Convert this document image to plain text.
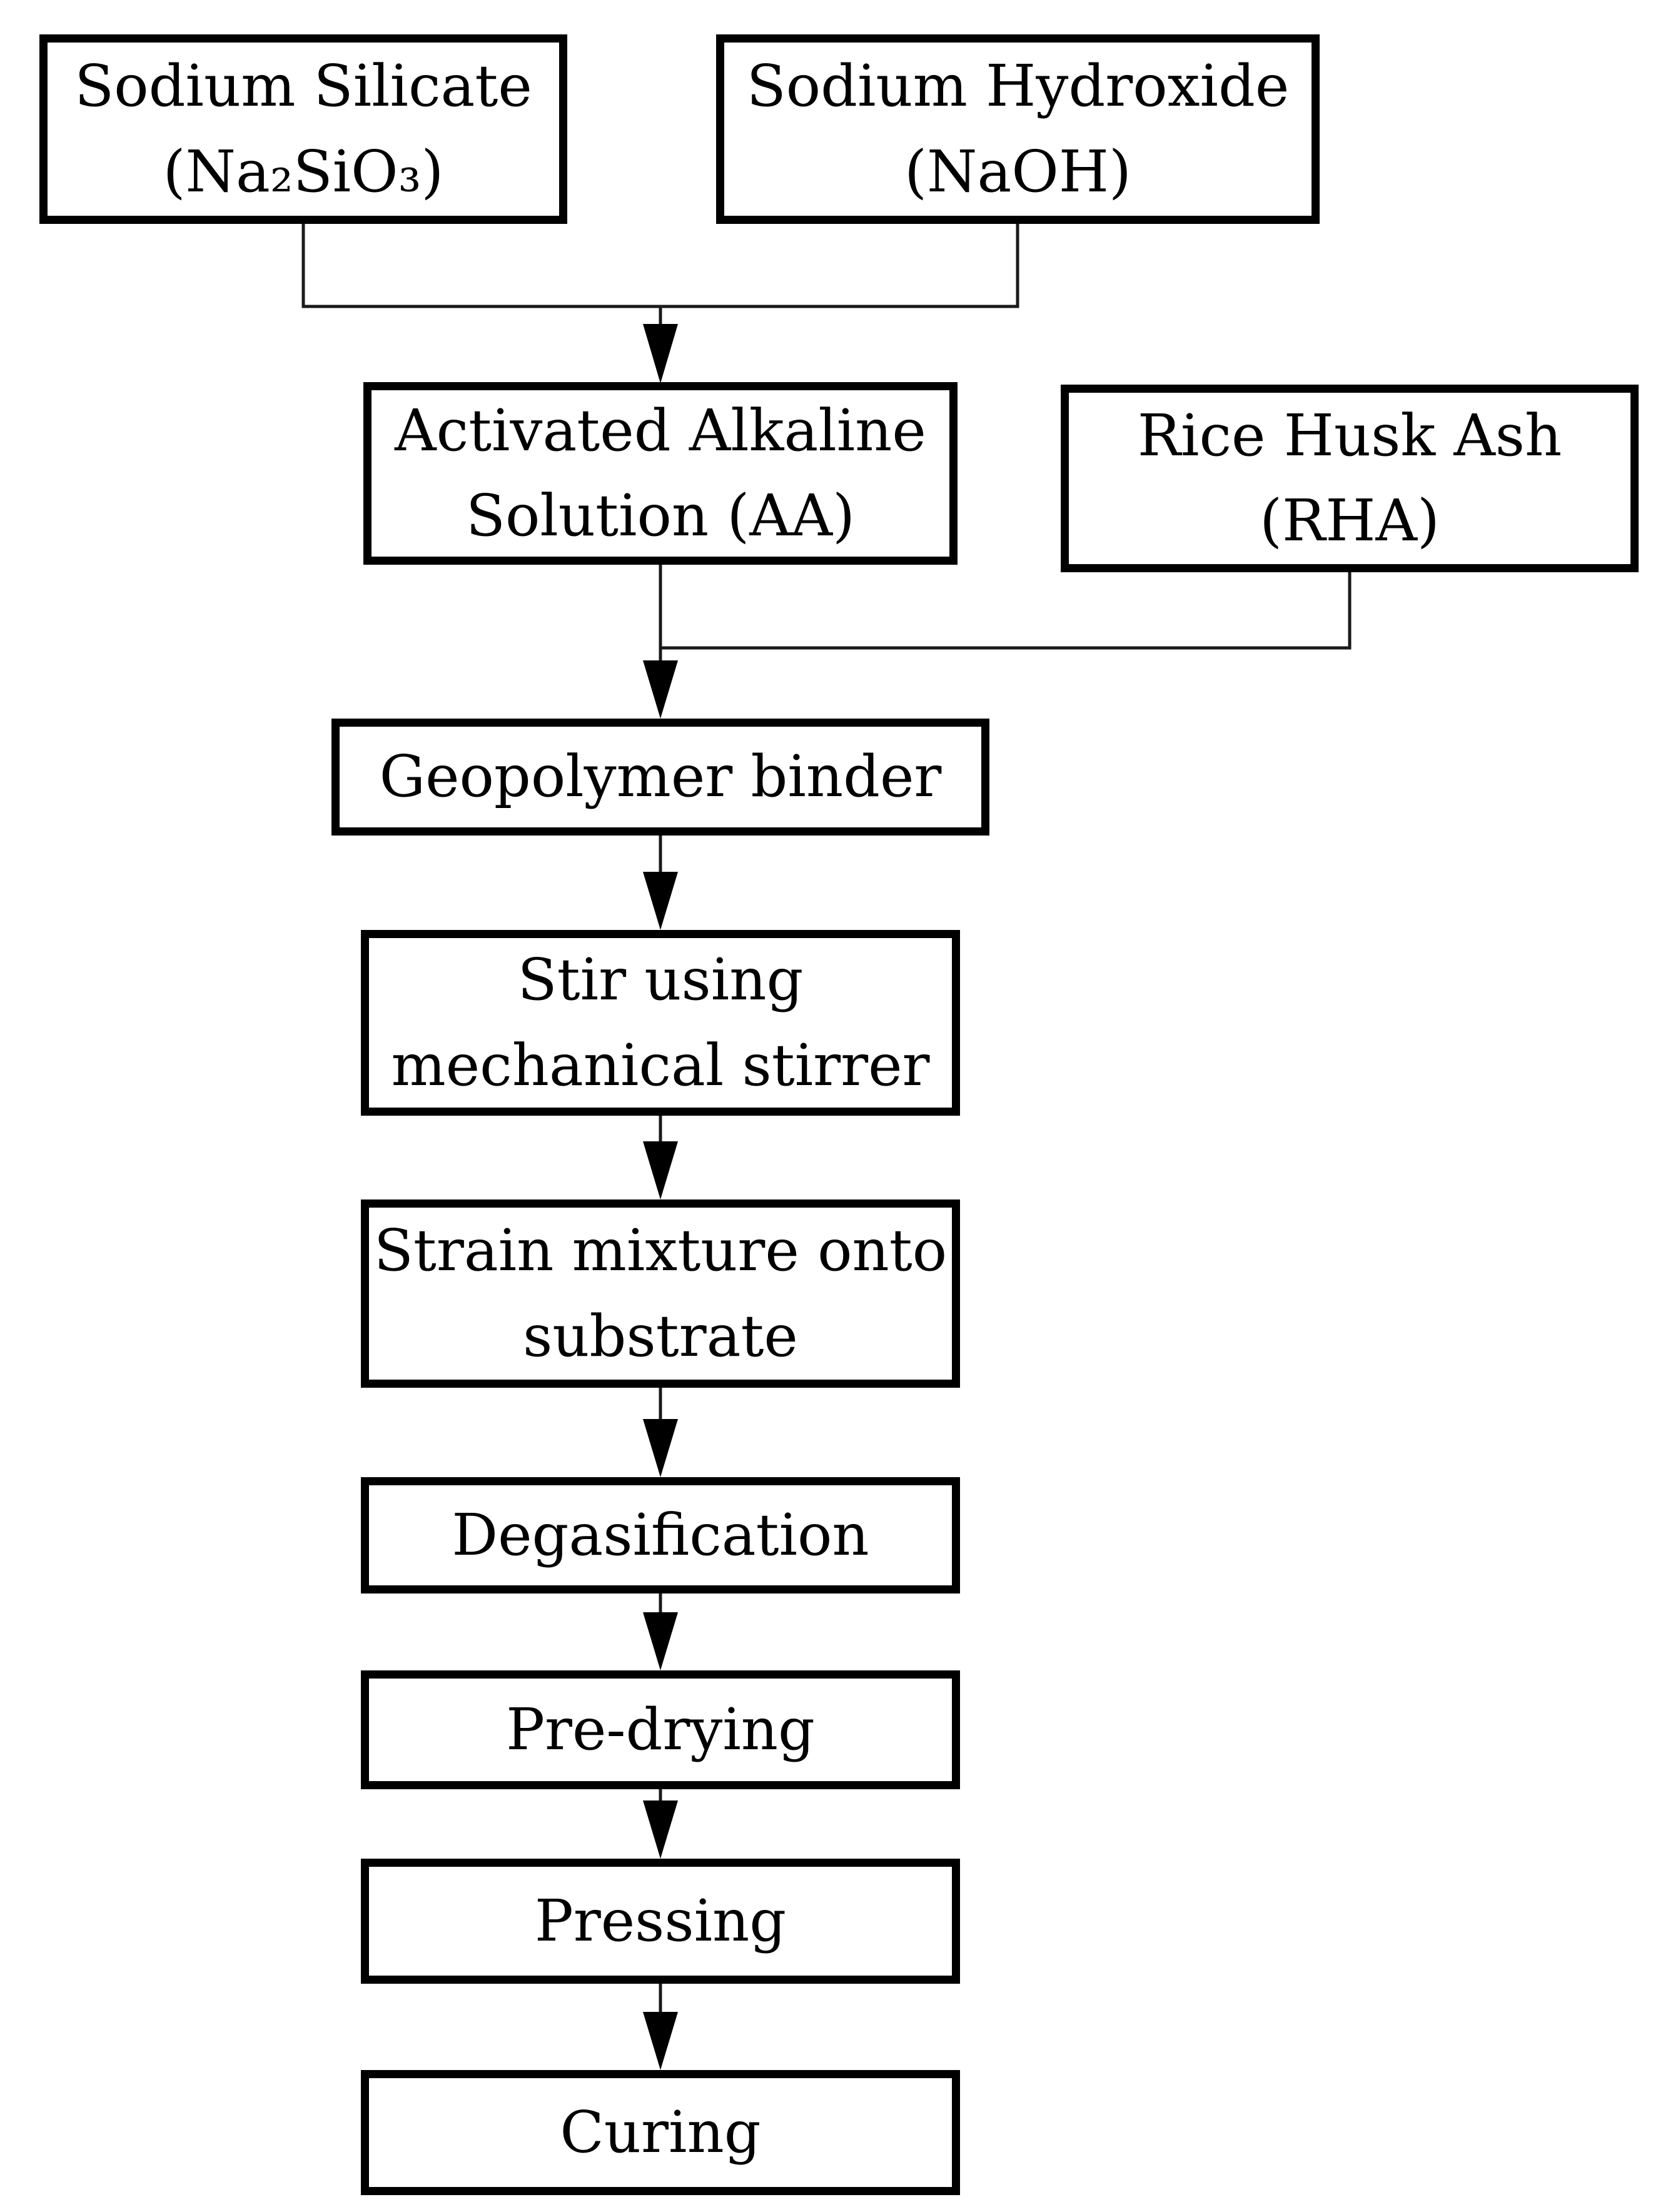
Sodium Silicate
(Na₂SiO₃)
Sodium Hydroxide
(NaOH)
Activated Alkaline
Solution (AA)
Rice Husk Ash
(RHA)
Geopolymer binder
Stir using
mechanical stirrer
Strain mixture onto
substrate
Degasification
Pre-drying
Pressing
Curing
